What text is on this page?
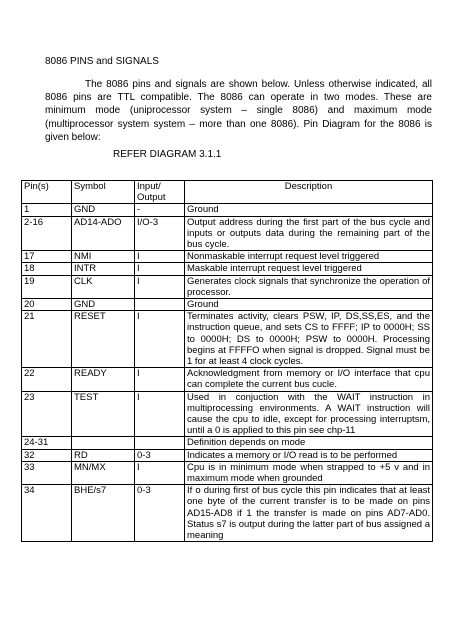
8086 PINS and SIGNALS
The 8086 pins and signals are shown below. Unless otherwise indicated, all 8086 pins are TTL compatible. The 8086 can operate in two modes. These are minimum mode (uniprocessor system – single 8086) and maximum mode (multiprocessor system system – more than one 8086). Pin Diagram for the 8086 is given below:
REFER DIAGRAM 3.1.1
Pin(s)	Symbol	Input/ Output	Description
1	GND	-	Ground
2-16	AD14-ADO	I/O-3	Output address during the first part of the bus cycle and inputs or outputs data during the remaining part of the bus cycle.
17	NMI	I	Nonmaskable interrupt request level triggered
18	INTR	I	Maskable interrupt request level triggered
19	CLK	I	Generates clock signals that synchronize the operation of processor.
20	GND		Ground
21	RESET	I	Terminates activity, clears PSW, IP, DS,SS,ES, and the instruction queue, and sets CS to FFFF; IP to 0000H; SS to 0000H; DS to 0000H; PSW to 0000H. Processing begins at FFFFO when signal is dropped. Signal must be 1 for at least 4 clock cycles.
22	READY	I	Acknowledgment from memory or I/O interface that cpu can complete the current bus cucle.
23	TEST	I	Used in conjuction with the WAIT instruction in multiprocessing environments. A WAIT instruction will cause the cpu to idle, except for processing interruptsm, until a 0 is applied to this pin see chp-11
24-31			Definition depends on mode
32	RD	0-3	Indicates a memory or I/O read is to be performed
33	MN/MX	I	Cpu is in minimum mode when strapped to +5 v and in maximum mode when grounded
34	BHE/s7	0-3	If o during first of bus cycle this pin indicates that at least one byte of the current transfer is to be made on pins AD15-AD8 if 1 the transfer is made on pins AD7-AD0. Status s7 is output during the latter part of bus assigned a meaning
